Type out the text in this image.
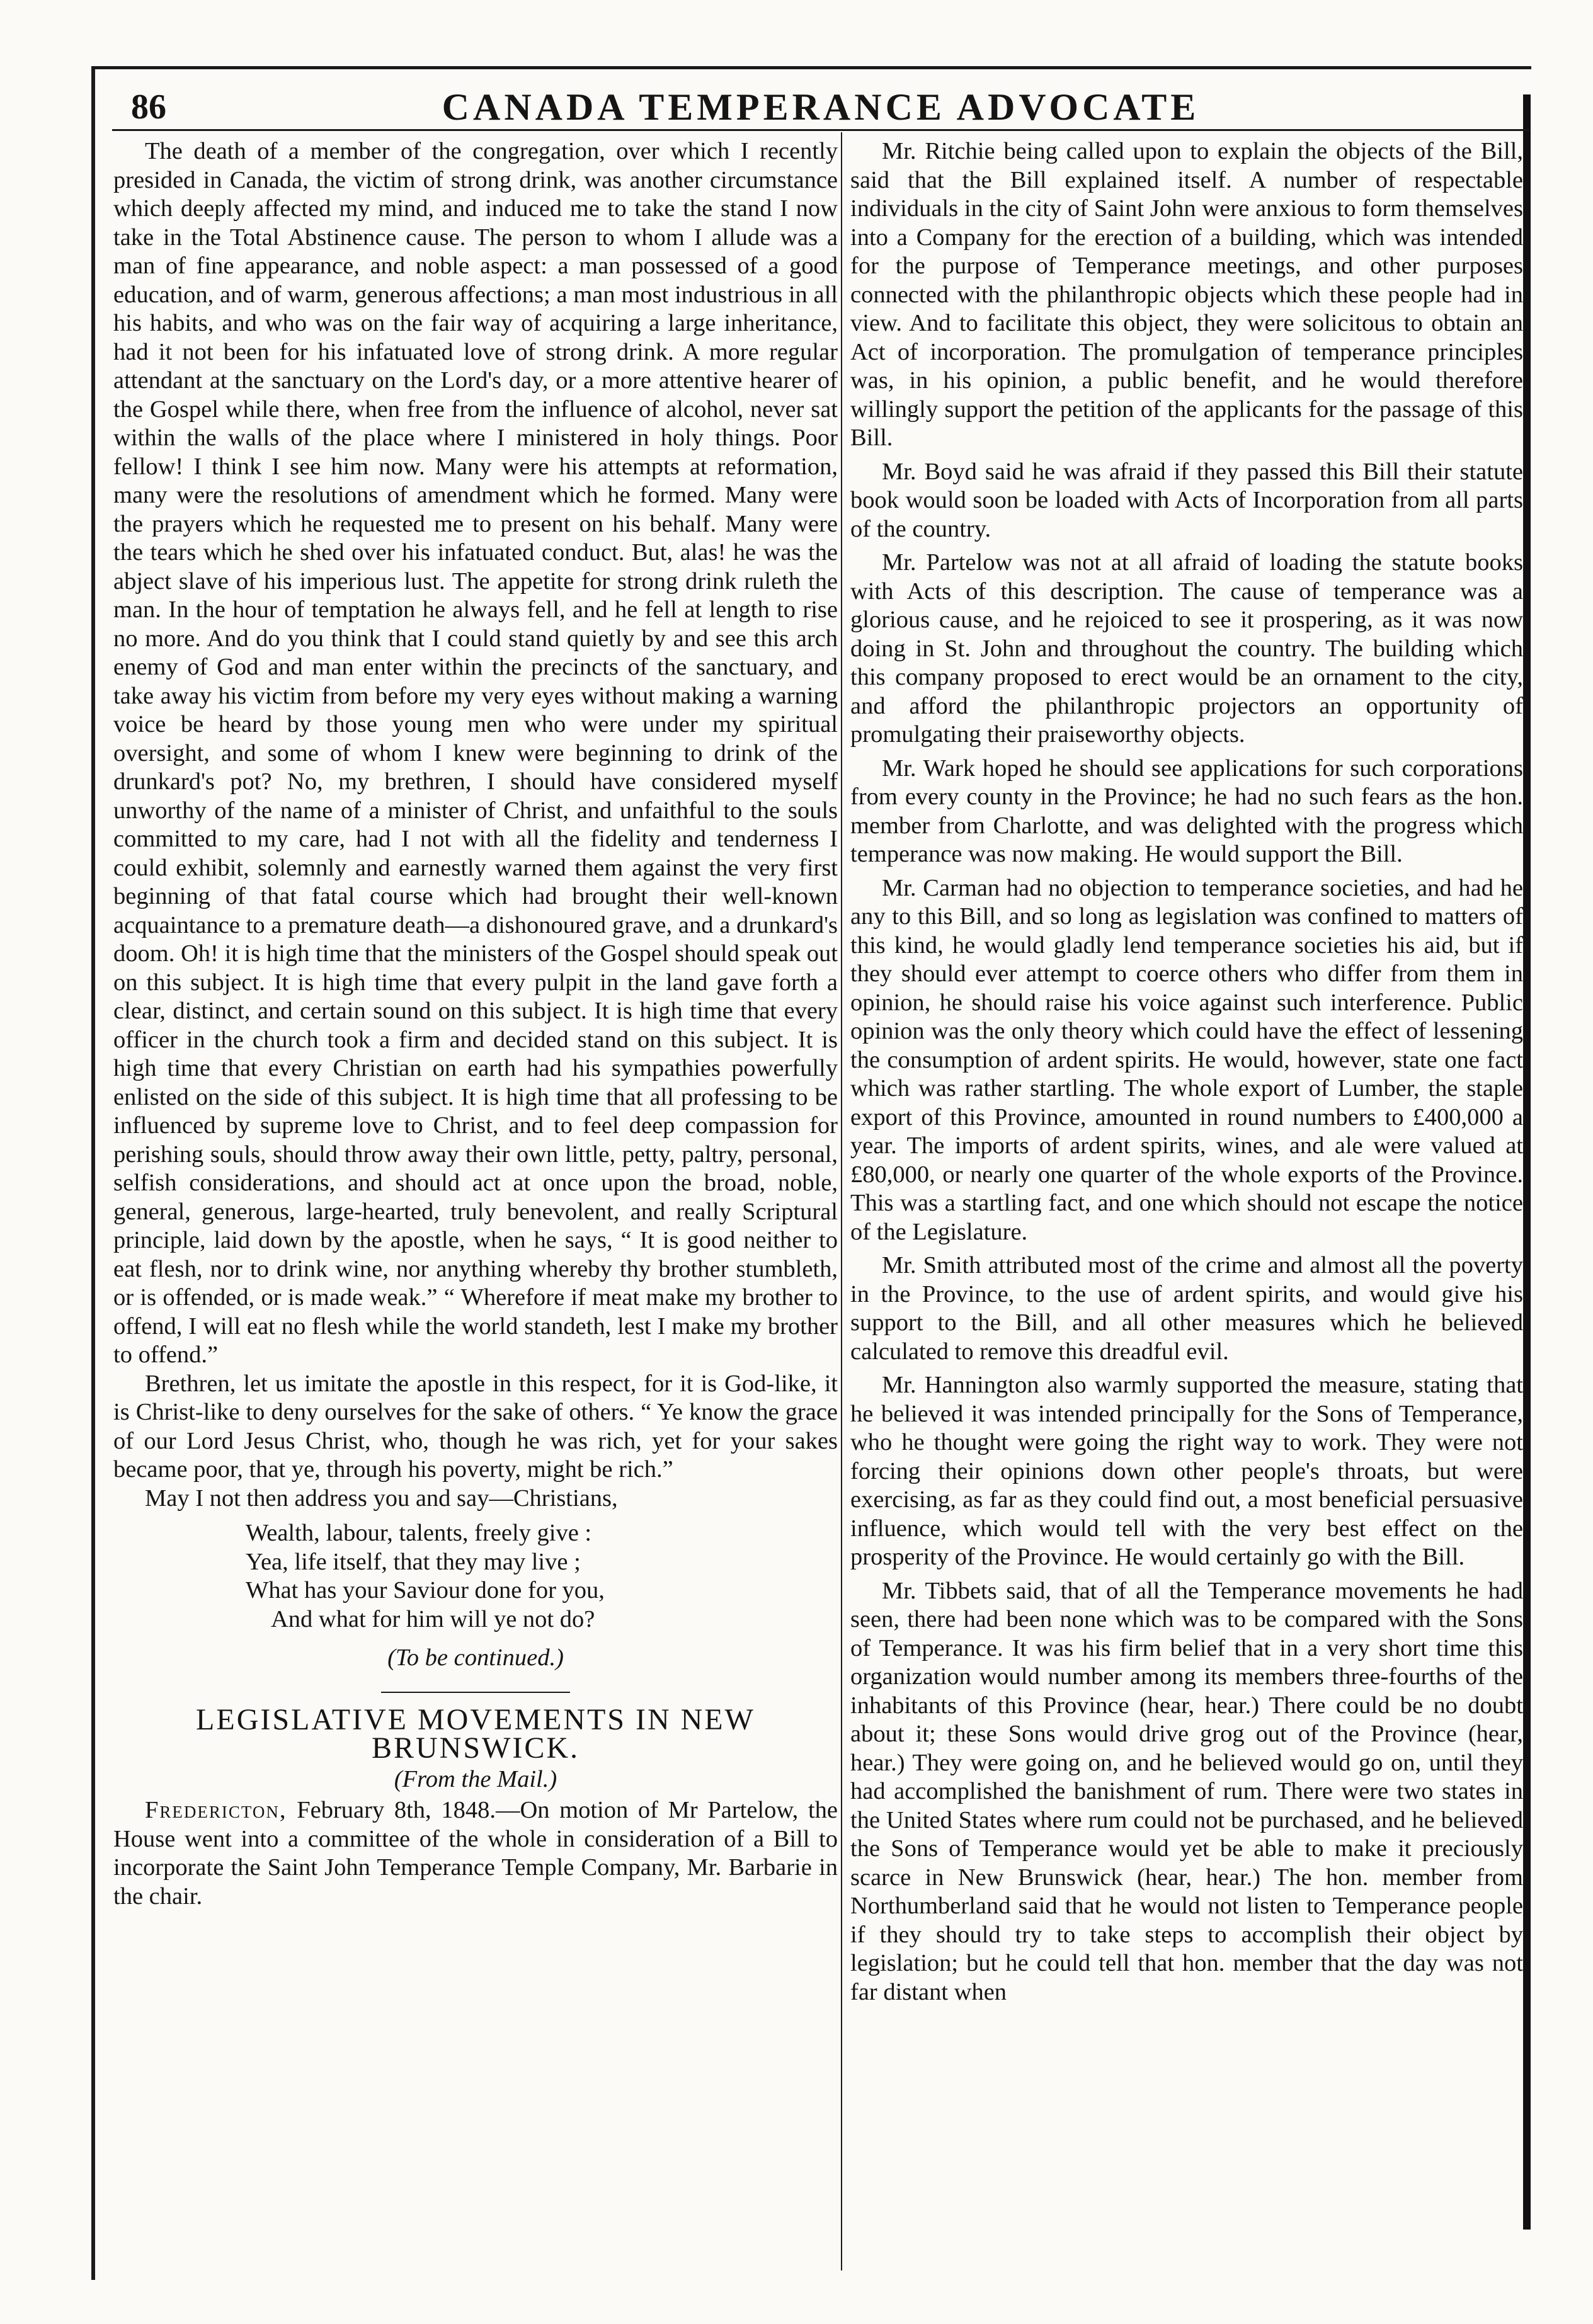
86	CANADA TEMPERANCE ADVOCATE

The death of a member of the congregation, over which I recently presided in Canada, the victim of strong drink, was another circumstance which deeply affected my mind, and induced me to take the stand I now take in the Total Abstinence cause. The person to whom I allude was a man of fine appearance, and noble aspect: a man possessed of a good education, and of warm, generous affections; a man most industrious in all his habits, and who was on the fair way of acquiring a large inheritance, had it not been for his infatuated love of strong drink. A more regular attendant at the sanctuary on the Lord's day, or a more attentive hearer of the Gospel while there, when free from the influence of alcohol, never sat within the walls of the place where I ministered in holy things. Poor fellow! I think I see him now. Many were his attempts at reformation, many were the resolutions of amendment which he formed. Many were the prayers which he requested me to present on his behalf. Many were the tears which he shed over his infatuated conduct. But, alas! he was the abject slave of his imperious lust. The appetite for strong drink ruleth the man. In the hour of temptation he always fell, and he fell at length to rise no more. And do you think that I could stand quietly by and see this arch enemy of God and man enter within the precincts of the sanctuary, and take away his victim from before my very eyes without making a warning voice be heard by those young men who were under my spiritual oversight, and some of whom I knew were beginning to drink of the drunkard's pot? No, my brethren, I should have considered myself unworthy of the name of a minister of Christ, and unfaithful to the souls committed to my care, had I not with all the fidelity and tenderness I could exhibit, solemnly and earnestly warned them against the very first beginning of that fatal course which had brought their well-known acquaintance to a premature death—a dishonoured grave, and a drunkard's doom. Oh! it is high time that the ministers of the Gospel should speak out on this subject. It is high time that every pulpit in the land gave forth a clear, distinct, and certain sound on this subject. It is high time that every officer in the church took a firm and decided stand on this subject. It is high time that every Christian on earth had his sympathies powerfully enlisted on the side of this subject. It is high time that all professing to be influenced by supreme love to Christ, and to feel deep compassion for perishing souls, should throw away their own little, petty, paltry, personal, selfish considerations, and should act at once upon the broad, noble, general, generous, large-hearted, truly benevolent, and really Scriptural principle, laid down by the apostle, when he says, “ It is good neither to eat flesh, nor to drink wine, nor anything whereby thy brother stumbleth, or is offended, or is made weak.” “ Wherefore if meat make my brother to offend, I will eat no flesh while the world standeth, lest I make my brother to offend.”

Brethren, let us imitate the apostle in this respect, for it is God-like, it is Christ-like to deny ourselves for the sake of others. “ Ye know the grace of our Lord Jesus Christ, who, though he was rich, yet for your sakes became poor, that ye, through his poverty, might be rich.”

May I not then address you and say—Christians,

Wealth, labour, talents, freely give :
Yea, life itself, that they may live ;
What has your Saviour done for you,
And what for him will ye not do?

(To be continued.)

LEGISLATIVE MOVEMENTS IN NEW BRUNSWICK.

(From the Mail.)

Fredericton, February 8th, 1848.—On motion of Mr Partelow, the House went into a committee of the whole in consideration of a Bill to incorporate the Saint John Temperance Temple Company, Mr. Barbarie in the chair.

Mr. Ritchie being called upon to explain the objects of the Bill, said that the Bill explained itself. A number of respectable individuals in the city of Saint John were anxious to form themselves into a Company for the erection of a building, which was intended for the purpose of Temperance meetings, and other purposes connected with the philanthropic objects which these people had in view. And to facilitate this object, they were solicitous to obtain an Act of incorporation. The promulgation of temperance principles was, in his opinion, a public benefit, and he would therefore willingly support the petition of the applicants for the passage of this Bill.

Mr. Boyd said he was afraid if they passed this Bill their statute book would soon be loaded with Acts of Incorporation from all parts of the country.

Mr. Partelow was not at all afraid of loading the statute books with Acts of this description. The cause of temperance was a glorious cause, and he rejoiced to see it prospering, as it was now doing in St. John and throughout the country. The building which this company proposed to erect would be an ornament to the city, and afford the philanthropic projectors an opportunity of promulgating their praiseworthy objects.

Mr. Wark hoped he should see applications for such corporations from every county in the Province; he had no such fears as the hon. member from Charlotte, and was delighted with the progress which temperance was now making. He would support the Bill.

Mr. Carman had no objection to temperance societies, and had he any to this Bill, and so long as legislation was confined to matters of this kind, he would gladly lend temperance societies his aid, but if they should ever attempt to coerce others who differ from them in opinion, he should raise his voice against such interference. Public opinion was the only theory which could have the effect of lessening the consumption of ardent spirits. He would, however, state one fact which was rather startling. The whole export of Lumber, the staple export of this Province, amounted in round numbers to £400,000 a year. The imports of ardent spirits, wines, and ale were valued at £80,000, or nearly one quarter of the whole exports of the Province. This was a startling fact, and one which should not escape the notice of the Legislature.

Mr. Smith attributed most of the crime and almost all the poverty in the Province, to the use of ardent spirits, and would give his support to the Bill, and all other measures which he believed calculated to remove this dreadful evil.

Mr. Hannington also warmly supported the measure, stating that he believed it was intended principally for the Sons of Temperance, who he thought were going the right way to work. They were not forcing their opinions down other people's throats, but were exercising, as far as they could find out, a most beneficial persuasive influence, which would tell with the very best effect on the prosperity of the Province. He would certainly go with the Bill.

Mr. Tibbets said, that of all the Temperance movements he had seen, there had been none which was to be compared with the Sons of Temperance. It was his firm belief that in a very short time this organization would number among its members three-fourths of the inhabitants of this Province (hear, hear.) There could be no doubt about it; these Sons would drive grog out of the Province (hear, hear.) They were going on, and he believed would go on, until they had accomplished the banishment of rum. There were two states in the United States where rum could not be purchased, and he believed the Sons of Temperance would yet be able to make it preciously scarce in New Brunswick (hear, hear.) The hon. member from Northumberland said that he would not listen to Temperance people if they should try to take steps to accomplish their object by legislation; but he could tell that hon. member that the day was not far distant when
